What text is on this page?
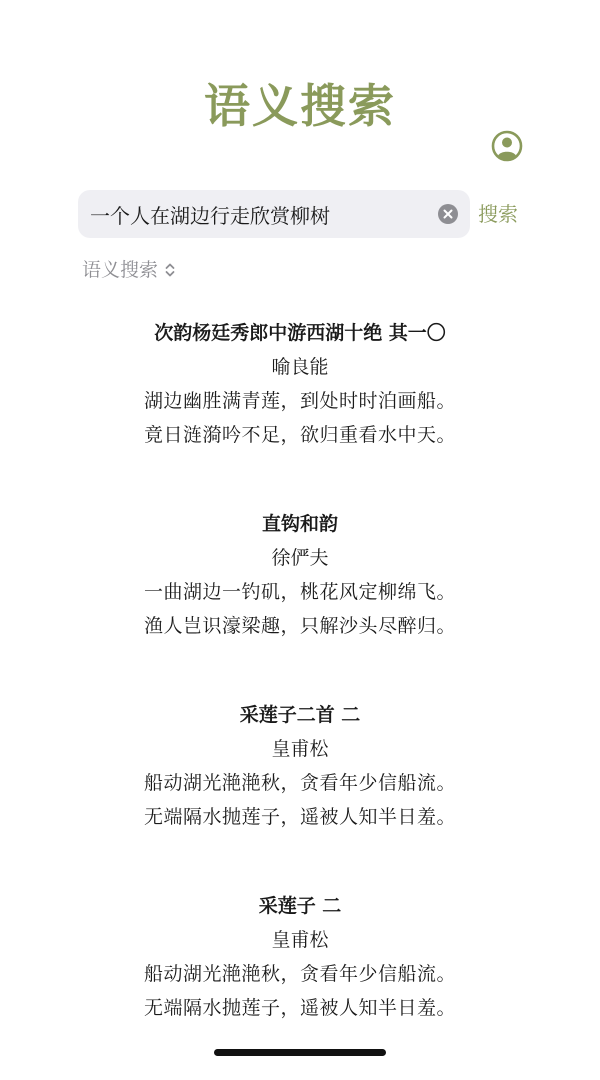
语义搜索
一个人在湖边行走欣赏柳树
搜索
语义搜索
次韵杨廷秀郎中游西湖十绝 其一〇
喻良能
湖边幽胜满青莲，到处时时泊画船。
竟日涟漪吟不足，欲归重看水中天。
直钩和韵
徐俨夫
一曲湖边一钓矶，桃花风定柳绵飞。
渔人岂识濠梁趣，只解沙头尽醉归。
采莲子二首 二
皇甫松
船动湖光滟滟秋，贪看年少信船流。
无端隔水抛莲子，遥被人知半日羞。
采莲子 二
皇甫松
船动湖光滟滟秋，贪看年少信船流。
无端隔水抛莲子，遥被人知半日羞。
